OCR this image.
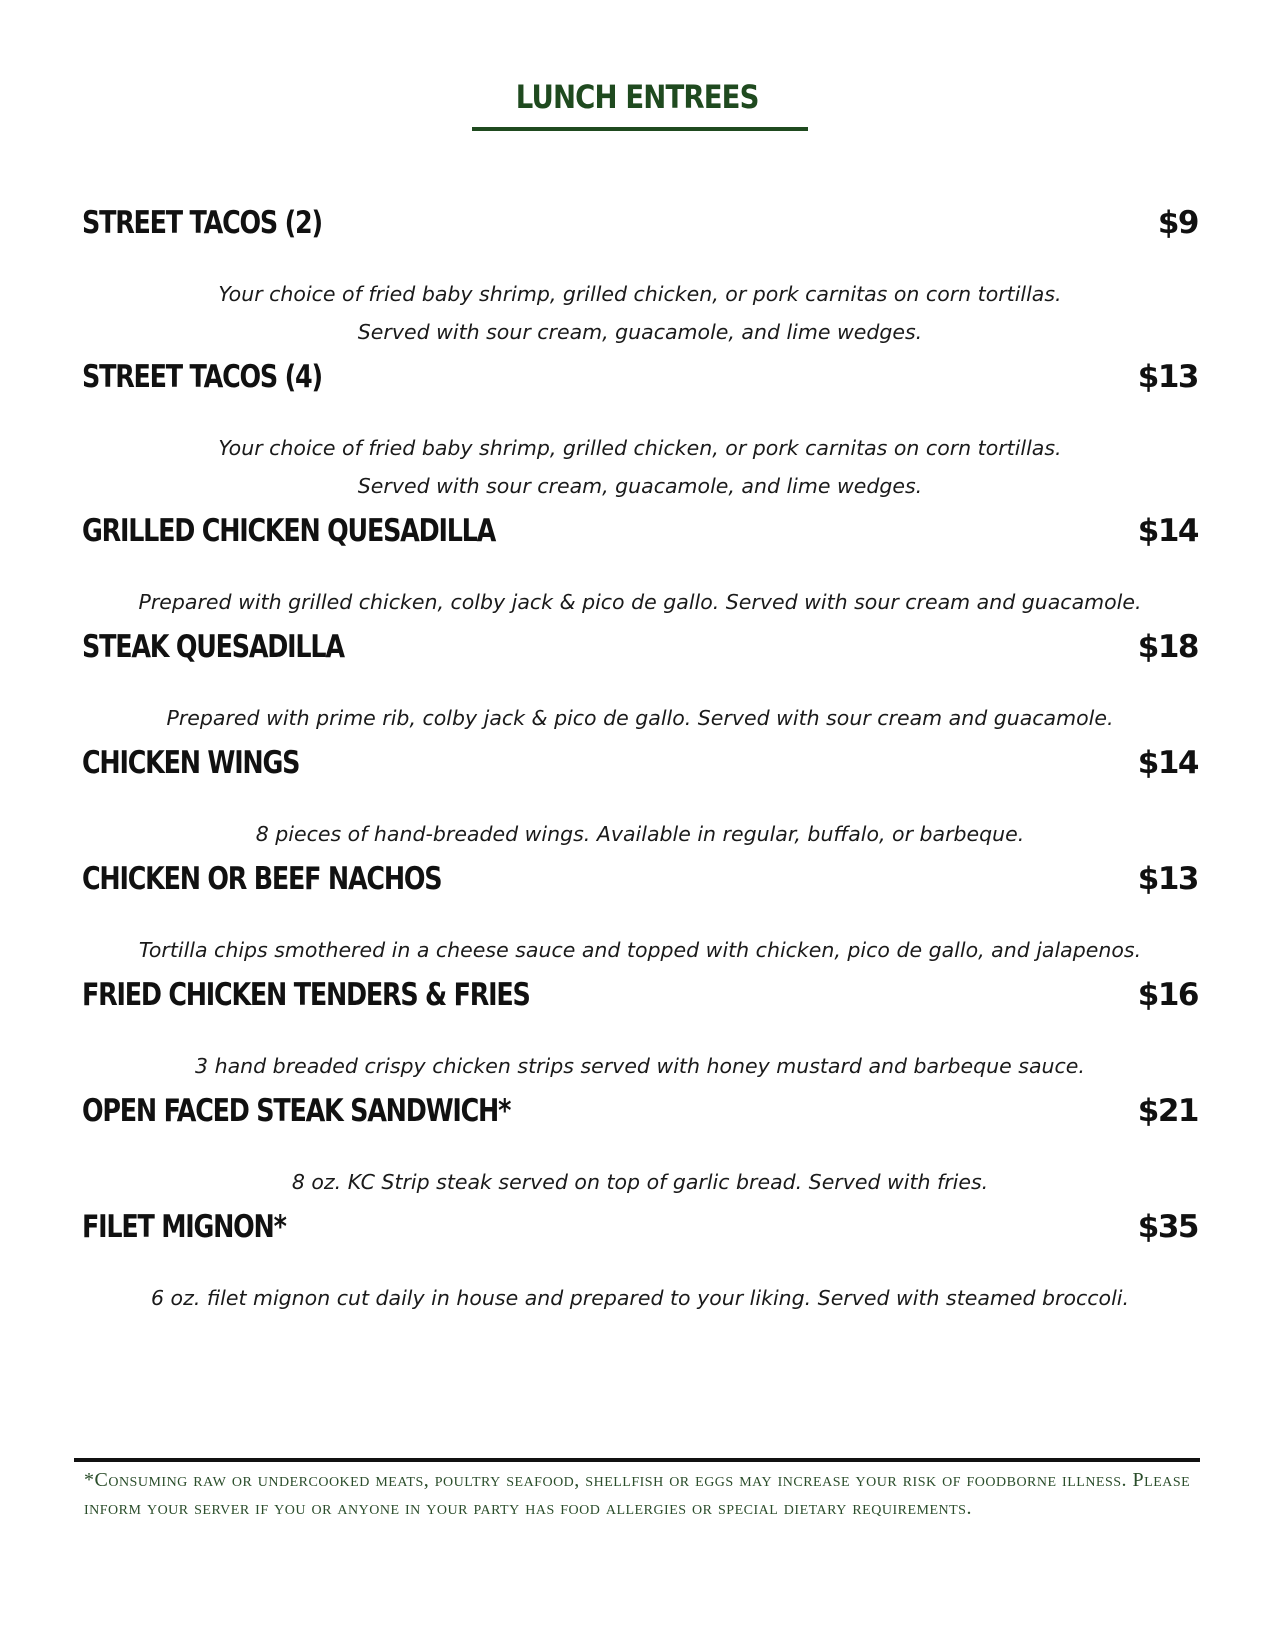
LUNCH ENTREES
STREET TACOS (2)	$9
Your choice of fried baby shrimp, grilled chicken, or pork carnitas on corn tortillas.
Served with sour cream, guacamole, and lime wedges.
STREET TACOS (4)	$13
Your choice of fried baby shrimp, grilled chicken, or pork carnitas on corn tortillas.
Served with sour cream, guacamole, and lime wedges.
GRILLED CHICKEN QUESADILLA	$14
Prepared with grilled chicken, colby jack & pico de gallo. Served with sour cream and guacamole.
STEAK QUESADILLA	$18
Prepared with prime rib, colby jack & pico de gallo. Served with sour cream and guacamole.
CHICKEN WINGS	$14
8 pieces of hand-breaded wings. Available in regular, buffalo, or barbeque.
CHICKEN OR BEEF NACHOS	$13
Tortilla chips smothered in a cheese sauce and topped with chicken, pico de gallo, and jalapenos.
FRIED CHICKEN TENDERS & FRIES	$16
3 hand breaded crispy chicken strips served with honey mustard and barbeque sauce.
OPEN FACED STEAK SANDWICH*	$21
8 oz. KC Strip steak served on top of garlic bread. Served with fries.
FILET MIGNON*	$35
6 oz. filet mignon cut daily in house and prepared to your liking. Served with steamed broccoli.
*Consuming raw or undercooked meats, poultry seafood, shellfish or eggs may increase your risk of foodborne illness. Please inform your server if you or anyone in your party has food allergies or special dietary requirements.
